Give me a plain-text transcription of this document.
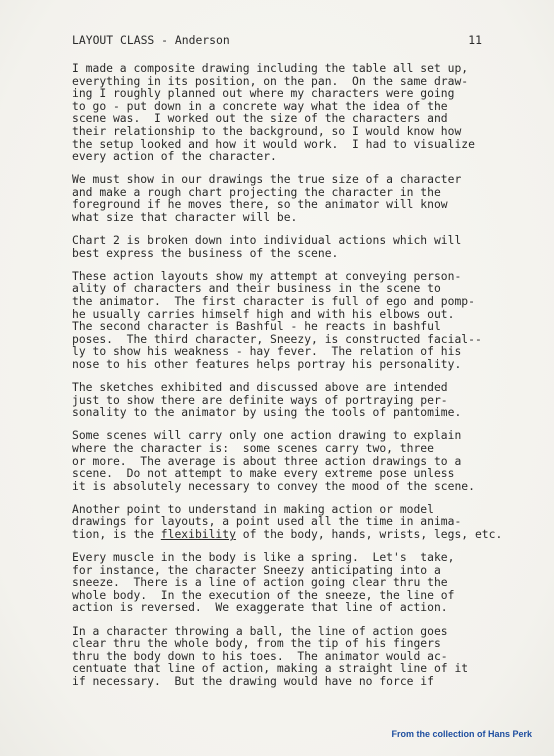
LAYOUT CLASS - Anderson	11
I made a composite drawing including the table all set up,
everything in its position, on the pan.  On the same draw-
ing I roughly planned out where my characters were going
to go - put down in a concrete way what the idea of the
scene was.  I worked out the size of the characters and
their relationship to the background, so I would know how
the setup looked and how it would work.  I had to visualize
every action of the character.
We must show in our drawings the true size of a character
and make a rough chart projecting the character in the
foreground if he moves there, so the animator will know
what size that character will be.
Chart 2 is broken down into individual actions which will
best express the business of the scene.
These action layouts show my attempt at conveying person-
ality of characters and their business in the scene to
the animator.  The first character is full of ego and pomp-
he usually carries himself high and with his elbows out.
The second character is Bashful - he reacts in bashful
poses.  The third character, Sneezy, is constructed facial--
ly to show his weakness - hay fever.  The relation of his
nose to his other features helps portray his personality.
The sketches exhibited and discussed above are intended
just to show there are definite ways of portraying per-
sonality to the animator by using the tools of pantomime.
Some scenes will carry only one action drawing to explain
where the character is:  some scenes carry two, three
or more.  The average is about three action drawings to a
scene.  Do not attempt to make every extreme pose unless
it is absolutely necessary to convey the mood of the scene.
Another point to understand in making action or model
drawings for layouts, a point used all the time in anima-
tion, is the flexibility of the body, hands, wrists, legs, etc.
Every muscle in the body is like a spring.  Let's  take,
for instance, the character Sneezy anticipating into a
sneeze.  There is a line of action going clear thru the
whole body.  In the execution of the sneeze, the line of
action is reversed.  We exaggerate that line of action.
In a character throwing a ball, the line of action goes
clear thru the whole body, from the tip of his fingers
thru the body down to his toes.  The animator would ac-
centuate that line of action, making a straight line of it
if necessary.  But the drawing would have no force if
From the collection of Hans Perk
